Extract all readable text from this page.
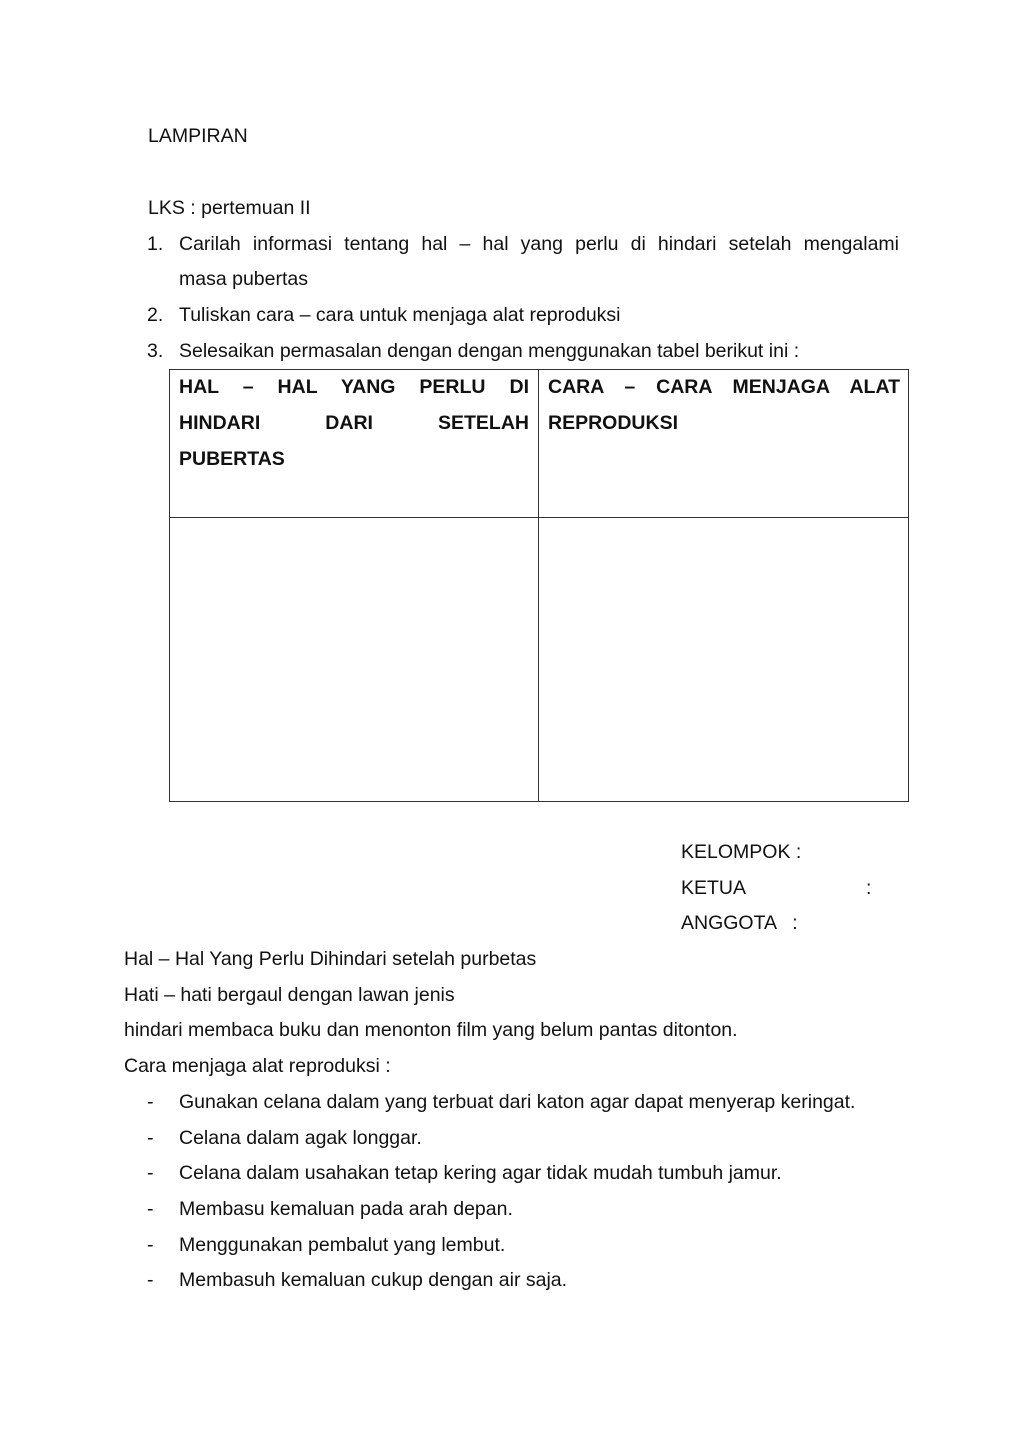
LAMPIRAN
LKS : pertemuan II
1. Carilah informasi tentang hal – hal yang perlu di hindari setelah mengalami
masa pubertas
2. Tuliskan cara – cara untuk menjaga alat reproduksi
3. Selesaikan permasalan dengan dengan menggunakan tabel berikut ini :
HAL – HAL YANG PERLU DI
HINDARI DARI SETELAH
PUBERTAS
CARA – CARA MENJAGA ALAT
REPRODUKSI
KELOMPOK :
KETUA	:
ANGGOTA   :
Hal – Hal Yang Perlu Dihindari setelah purbetas
Hati – hati bergaul dengan lawan jenis
hindari membaca buku dan menonton film yang belum pantas ditonton.
Cara menjaga alat reproduksi :
- Gunakan celana dalam yang terbuat dari katon agar dapat menyerap keringat.
- Celana dalam agak longgar.
- Celana dalam usahakan tetap kering agar tidak mudah tumbuh jamur.
- Membasu kemaluan pada arah depan.
- Menggunakan pembalut yang lembut.
- Membasuh kemaluan cukup dengan air saja.
